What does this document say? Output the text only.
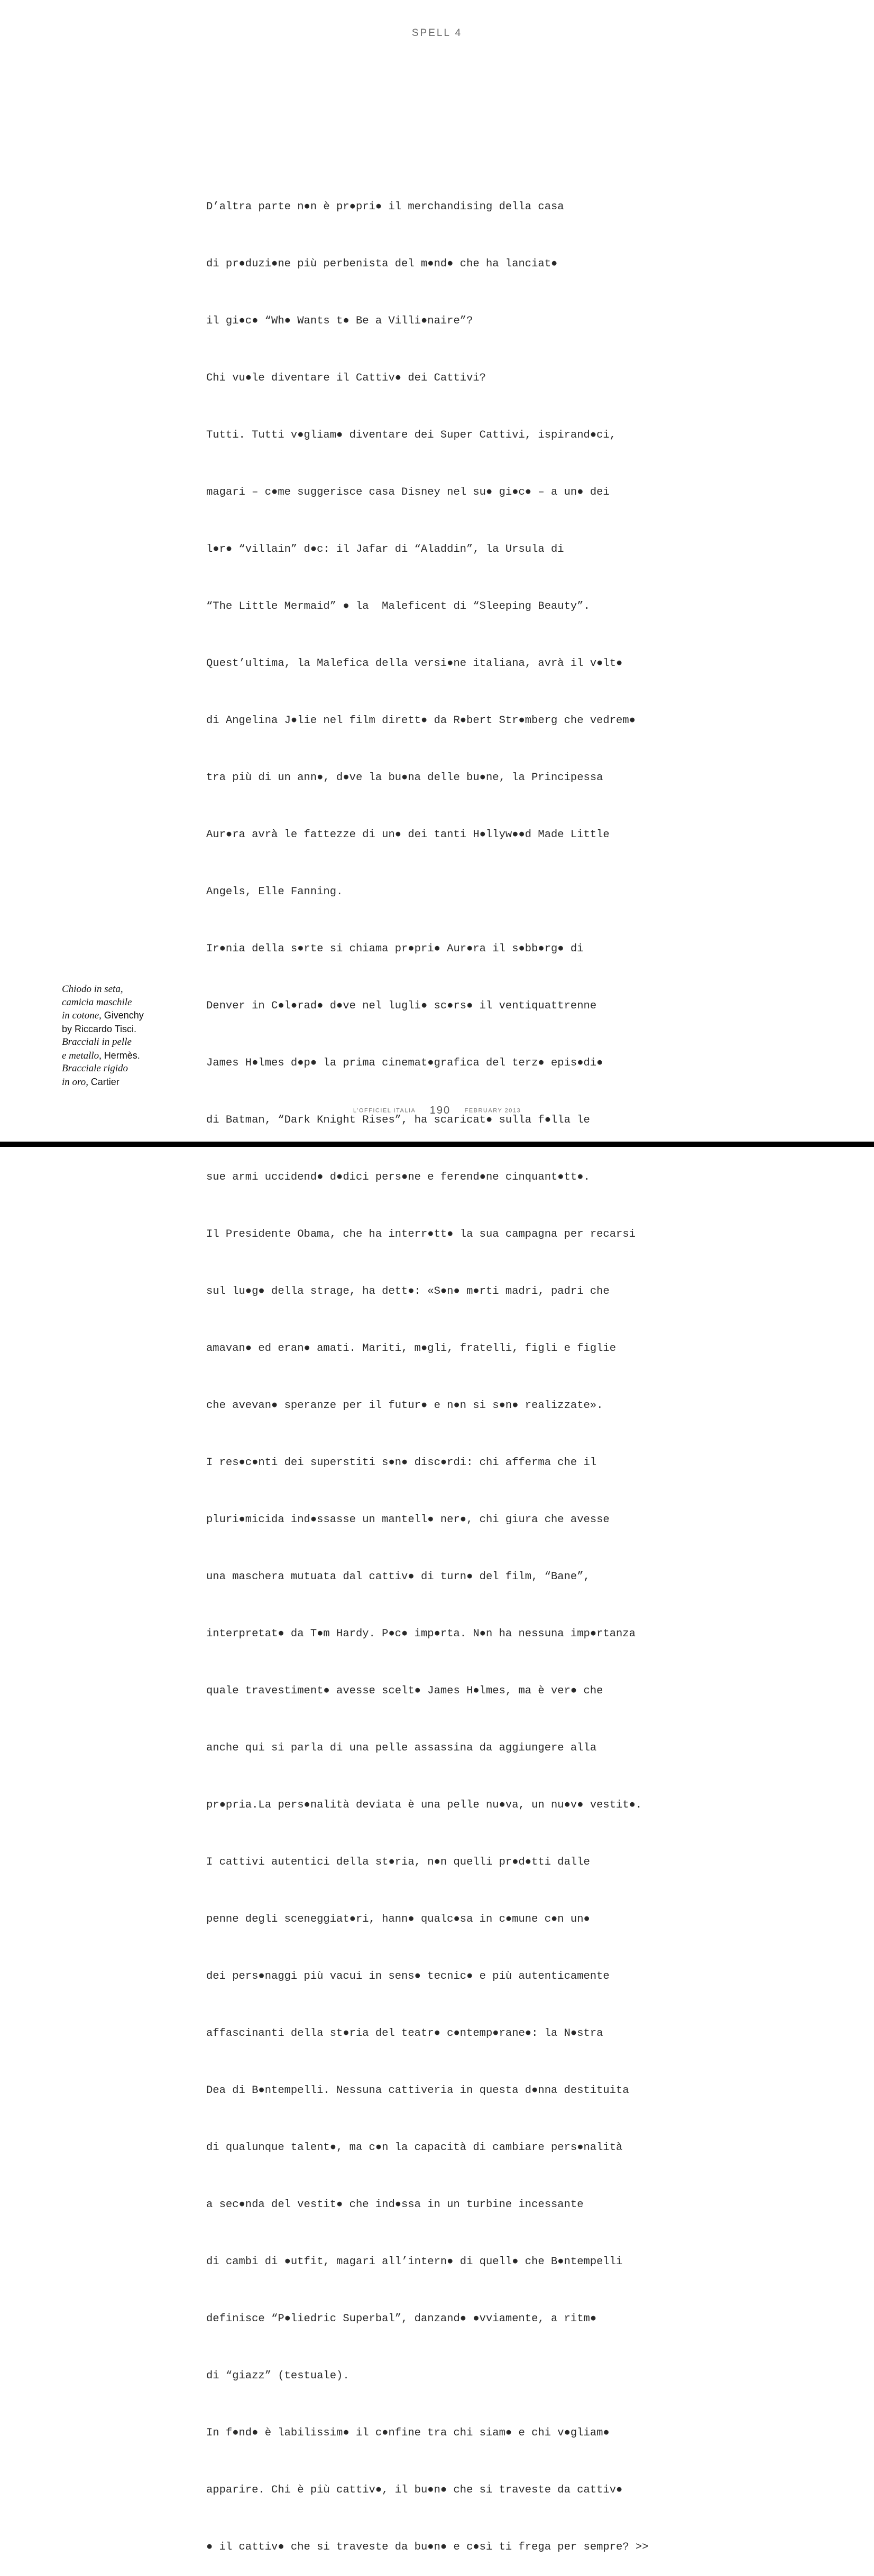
SPELL 4

D’altra parte n●n è pr●pri● il merchandising della casa

di pr●duzi●ne più perbenista del m●nd● che ha lanciat●

il gi●c● “Wh● Wants t● Be a Villi●naire”?

Chi vu●le diventare il Cattiv● dei Cattivi?

Tutti. Tutti v●gliam● diventare dei Super Cattivi, ispirand●ci,

magari – c●me suggerisce casa Disney nel su● gi●c● – a un● dei

l●r● “villain” d●c: il Jafar di “Aladdin”, la Ursula di

“The Little Mermaid” ● la  Maleficent di “Sleeping Beauty”.

Quest’ultima, la Malefica della versi●ne italiana, avrà il v●lt●

di Angelina J●lie nel film dirett● da R●bert Str●mberg che vedrem●

tra più di un ann●, d●ve la bu●na delle bu●ne, la Principessa

Aur●ra avrà le fattezze di un● dei tanti H●llyw●●d Made Little

Angels, Elle Fanning.

Ir●nia della s●rte si chiama pr●pri● Aur●ra il s●bb●rg● di

Denver in C●l●rad● d●ve nel lugli● sc●rs● il ventiquattrenne

James H●lmes d●p● la prima cinemat●grafica del terz● epis●di●

di Batman, “Dark Knight Rises”, ha scaricat● sulla f●lla le

sue armi uccidend● d●dici pers●ne e ferend●ne cinquant●tt●.

Il Presidente Obama, che ha interr●tt● la sua campagna per recarsi

sul lu●g● della strage, ha dett●: «S●n● m●rti madri, padri che

amavan● ed eran● amati. Mariti, m●gli, fratelli, figli e figlie

che avevan● speranze per il futur● e n●n si s●n● realizzate».

I res●c●nti dei superstiti s●n● disc●rdi: chi afferma che il

pluri●micida ind●ssasse un mantell● ner●, chi giura che avesse

una maschera mutuata dal cattiv● di turn● del film, “Bane”,

interpretat● da T●m Hardy. P●c● imp●rta. N●n ha nessuna imp●rtanza

quale travestiment● avesse scelt● James H●lmes, ma è ver● che

anche qui si parla di una pelle assassina da aggiungere alla

pr●pria.La pers●nalità deviata è una pelle nu●va, un nu●v● vestit●.

I cattivi autentici della st●ria, n●n quelli pr●d●tti dalle

penne degli sceneggiat●ri, hann● qualc●sa in c●mune c●n un●

dei pers●naggi più vacui in sens● tecnic● e più autenticamente

affascinanti della st●ria del teatr● c●ntemp●rane●: la N●stra

Dea di B●ntempelli. Nessuna cattiveria in questa d●nna destituita

di qualunque talent●, ma c●n la capacità di cambiare pers●nalità

a sec●nda del vestit● che ind●ssa in un turbine incessante

di cambi di ●utfit, magari all’intern● di quell● che B●ntempelli

definisce “P●liedric Superbal”, danzand● ●vviamente, a ritm●

di “giazz” (testuale).

In f●nd● è labilissim● il c●nfine tra chi siam● e chi v●gliam●

apparire. Chi è più cattiv●, il bu●n● che si traveste da cattiv●

● il cattiv● che si traveste da bu●n● e c●sì ti frega per sempre? >>

Chiodo in seta,
camicia maschile
in cotone, Givenchy
by Riccardo Tisci.
Bracciali in pelle
e metallo, Hermès.
Bracciale rigido
in oro, Cartier
L’OFFICIEL ITALIA 190 FEBRUARY 2013
